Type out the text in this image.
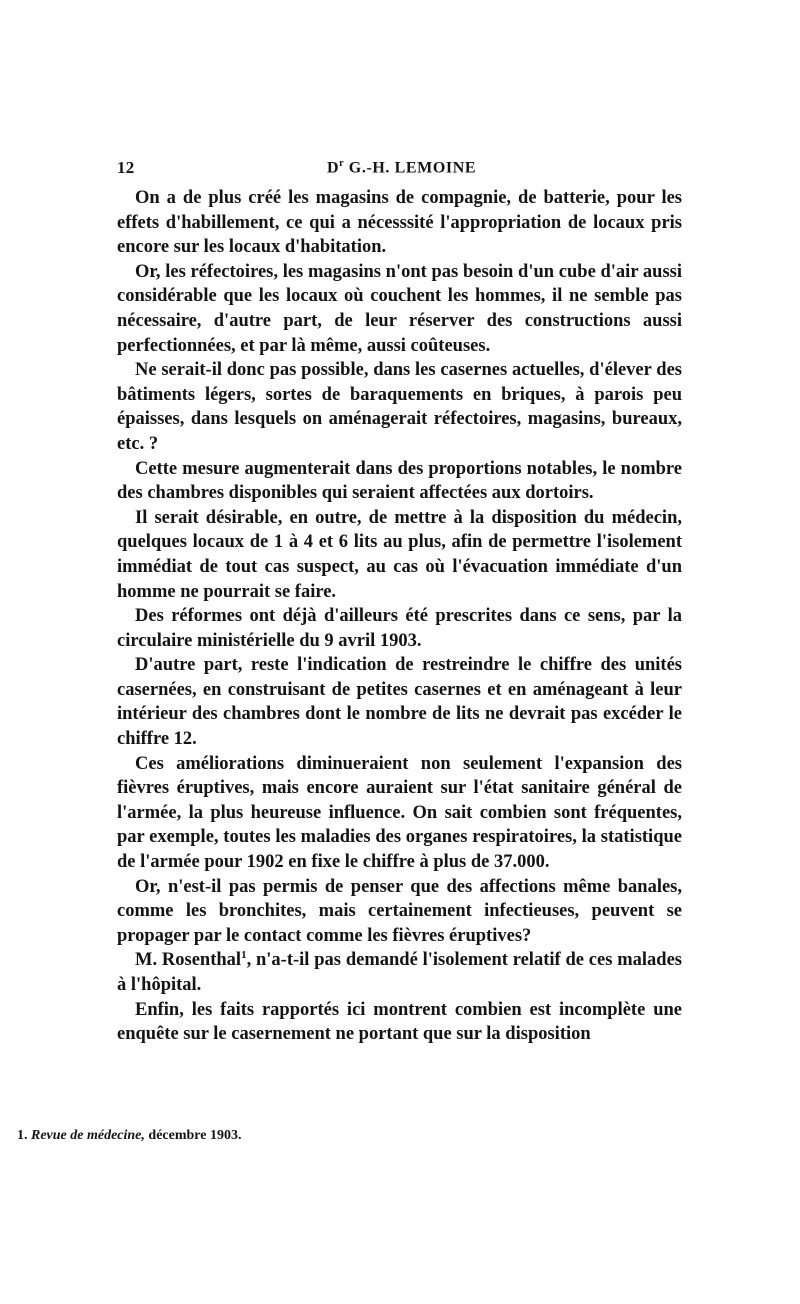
12	$D^r$ G.-H. LEMOINE

On a de plus créé les magasins de compagnie, de batterie, pour les effets d'habillement, ce qui a nécesssité l'appropriation de locaux pris encore sur les locaux d'habitation.

Or, les réfectoires, les magasins n'ont pas besoin d'un cube d'air aussi considérable que les locaux où couchent les hommes, il ne semble pas nécessaire, d'autre part, de leur réserver des constructions aussi perfectionnées, et par là même, aussi coûteuses.

Ne serait-il donc pas possible, dans les casernes actuelles, d'élever des bâtiments légers, sortes de baraquements en briques, à parois peu épaisses, dans lesquels on aménagerait réfectoires, magasins, bureaux, etc. ?

Cette mesure augmenterait dans des proportions notables, le nombre des chambres disponibles qui seraient affectées aux dortoirs.

Il serait désirable, en outre, de mettre à la disposition du médecin, quelques locaux de 1 à 4 et 6 lits au plus, afin de permettre l'isolement immédiat de tout cas suspect, au cas où l'évacuation immédiate d'un homme ne pourrait se faire.

Des réformes ont déjà d'ailleurs été prescrites dans ce sens, par la circulaire ministérielle du 9 avril 1903.

D'autre part, reste l'indication de restreindre le chiffre des unités casernées, en construisant de petites casernes et en aménageant à leur intérieur des chambres dont le nombre de lits ne devrait pas excéder le chiffre 12.

Ces améliorations diminueraient non seulement l'expansion des fièvres éruptives, mais encore auraient sur l'état sanitaire général de l'armée, la plus heureuse influence. On sait combien sont fréquentes, par exemple, toutes les maladies des organes respiratoires, la statistique de l'armée pour 1902 en fixe le chiffre à plus de 37.000.

Or, n'est-il pas permis de penser que des affections même banales, comme les bronchites, mais certainement infectieuses, peuvent se propager par le contact comme les fièvres éruptives?

M. Rosenthal$^1$, n'a-t-il pas demandé l'isolement relatif de ces malades à l'hôpital.

Enfin, les faits rapportés ici montrent combien est incomplète une enquête sur le casernement ne portant que sur la disposition

1. Revue de médecine, décembre 1903.
